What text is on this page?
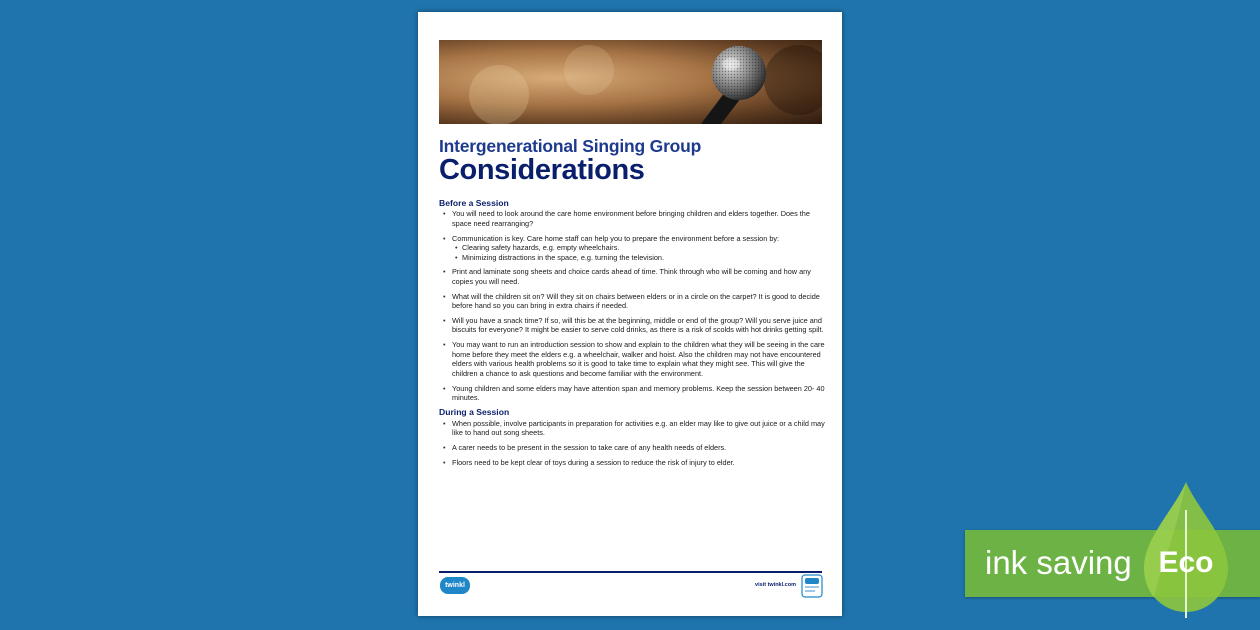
Intergenerational Singing Group
Considerations
Before a Session
• You will need to look around the care home environment before bringing children and elders together. Does the space need rearranging?
• Communication is key. Care home staff can help you to prepare the environment before a session by:
• Clearing safety hazards, e.g. empty wheelchairs.
• Minimizing distractions in the space, e.g. turning the television.
• Print and laminate song sheets and choice cards ahead of time. Think through who will be coming and how any copies you will need.
• What will the children sit on? Will they sit on chairs between elders or in a circle on the carpet? It is good to decide before hand so you can bring in extra chairs if needed.
• Will you have a snack time? If so, will this be at the beginning, middle or end of the group? Will you serve juice and biscuits for everyone? It might be easier to serve cold drinks, as there is a risk of scolds with hot drinks getting spilt.
• You may want to run an introduction session to show and explain to the children what they will be seeing in the care home before they meet the elders e.g. a wheelchair, walker and hoist. Also the children may not have encountered elders with various health problems so it is good to take time to explain what they might see. This will give the children a chance to ask questions and become familiar with the environment.
• Young children and some elders may have attention span and memory problems. Keep the session between 20- 40 minutes.
During a Session
• When possible, involve participants in preparation for activities e.g. an elder may like to give out juice or a child may like to hand out song sheets.
• A carer needs to be present in the session to take care of any health needs of elders.
• Floors need to be kept clear of toys during a session to reduce the risk of injury to elder.
twinkl	visit twinkl.com
ink saving Eco
